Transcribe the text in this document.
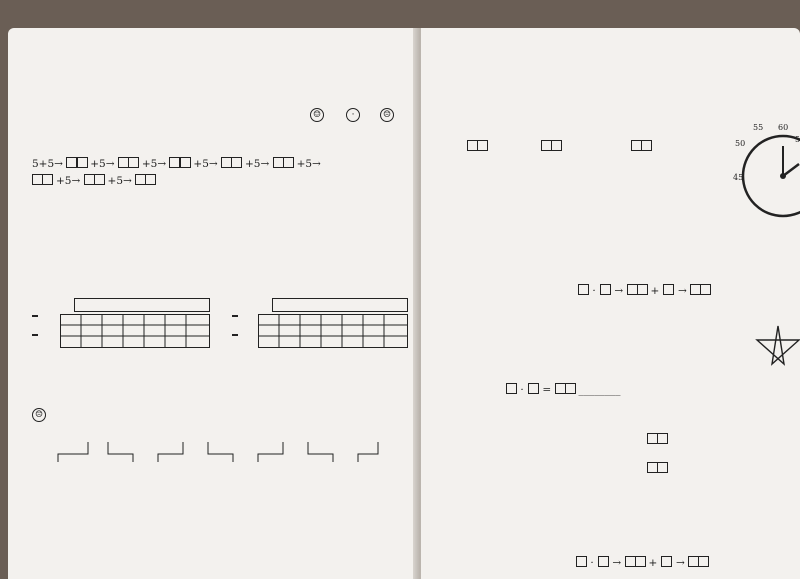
☺	·	☹
5+5→  +5→  +5→  +5→  +5→  +5→
+5→  +5→
☹
55 60
5
50
45
·  →  +  →
·  =  ________
·  →  +  →
